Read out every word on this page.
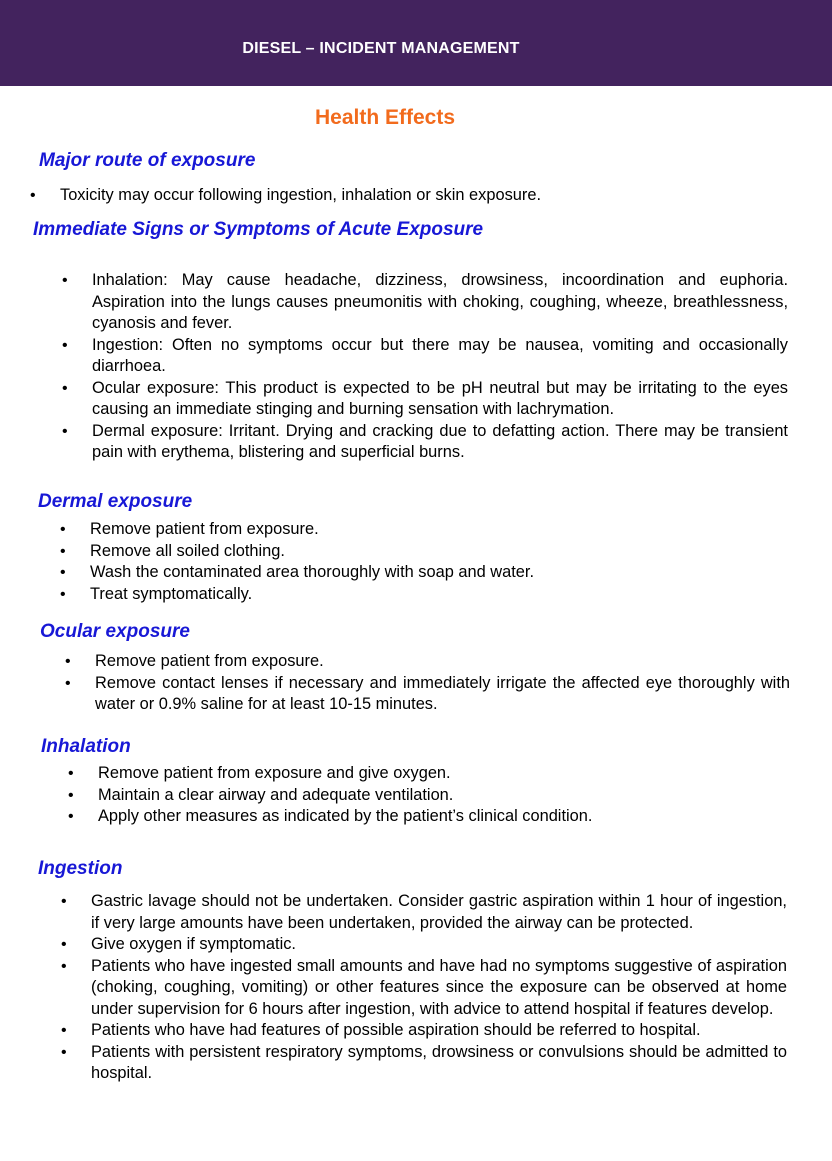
DIESEL – INCIDENT MANAGEMENT
Health Effects
Major route of exposure
• Toxicity may occur following ingestion, inhalation or skin exposure.
Immediate Signs or Symptoms of Acute Exposure
• Inhalation: May cause headache, dizziness, drowsiness, incoordination and euphoria. Aspiration into the lungs causes pneumonitis with choking, coughing, wheeze, breathlessness, cyanosis and fever.
• Ingestion: Often no symptoms occur but there may be nausea, vomiting and occasionally diarrhoea.
• Ocular exposure: This product is expected to be pH neutral but may be irritating to the eyes causing an immediate stinging and burning sensation with lachrymation.
• Dermal exposure: Irritant. Drying and cracking due to defatting action. There may be transient pain with erythema, blistering and superficial burns.
Dermal exposure
• Remove patient from exposure.
• Remove all soiled clothing.
• Wash the contaminated area thoroughly with soap and water.
• Treat symptomatically.
Ocular exposure
• Remove patient from exposure.
• Remove contact lenses if necessary and immediately irrigate the affected eye thoroughly with water or 0.9% saline for at least 10-15 minutes.
Inhalation
• Remove patient from exposure and give oxygen.
• Maintain a clear airway and adequate ventilation.
• Apply other measures as indicated by the patient’s clinical condition.
Ingestion
• Gastric lavage should not be undertaken. Consider gastric aspiration within 1 hour of ingestion, if very large amounts have been undertaken, provided the airway can be protected.
• Give oxygen if symptomatic.
• Patients who have ingested small amounts and have had no symptoms suggestive of aspiration (choking, coughing, vomiting) or other features since the exposure can be observed at home under supervision for 6 hours after ingestion, with advice to attend hospital if features develop.
• Patients who have had features of possible aspiration should be referred to hospital.
• Patients with persistent respiratory symptoms, drowsiness or convulsions should be admitted to hospital.
